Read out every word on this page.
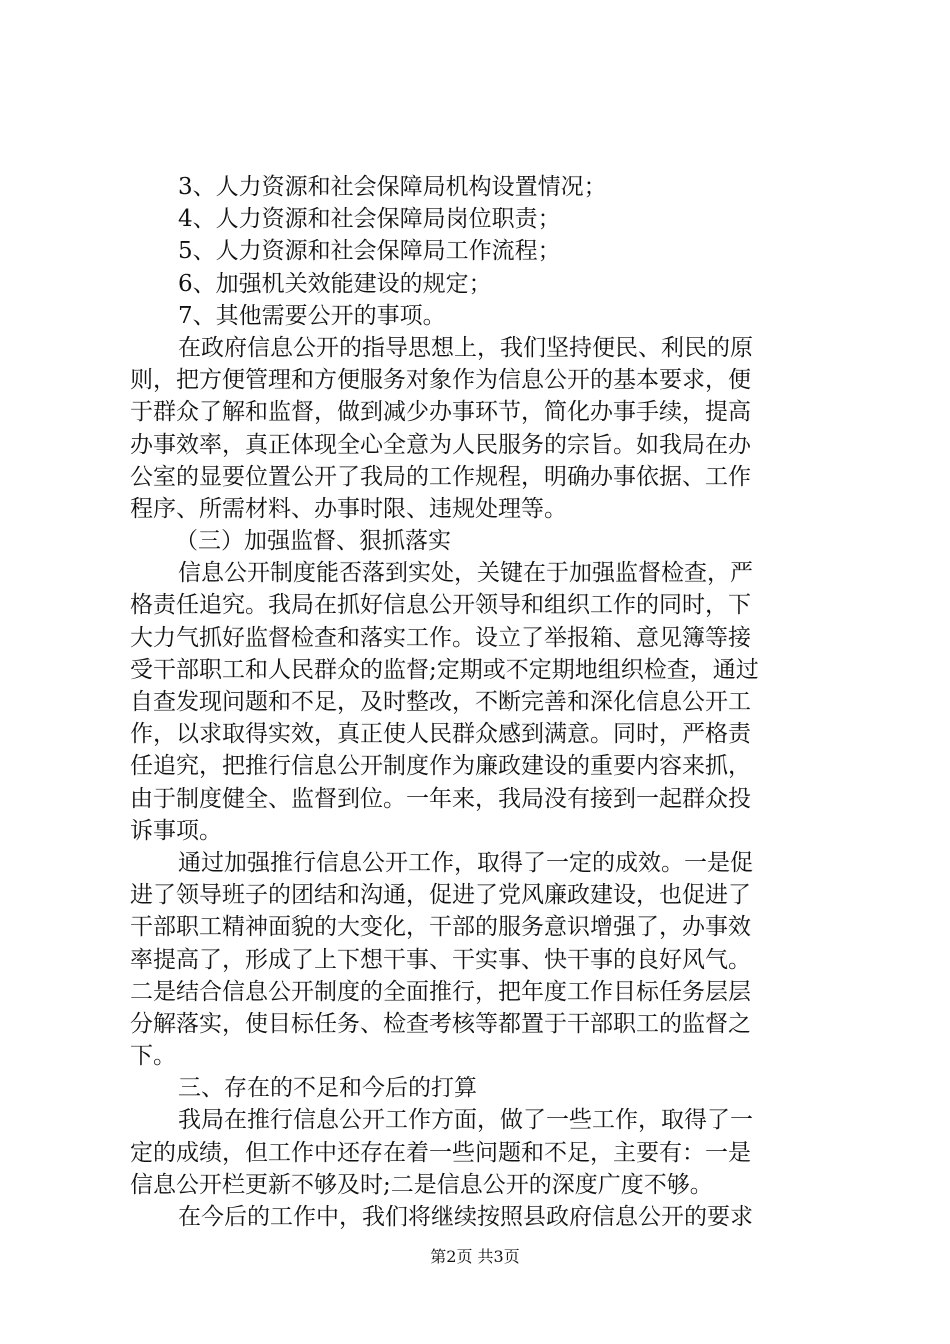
3、人力资源和社会保障局机构设置情况；
4、人力资源和社会保障局岗位职责；
5、人力资源和社会保障局工作流程；
6、加强机关效能建设的规定；
7、其他需要公开的事项。
在政府信息公开的指导思想上，我们坚持便民、利民的原
则，把方便管理和方便服务对象作为信息公开的基本要求，便
于群众了解和监督，做到减少办事环节，简化办事手续，提高
办事效率，真正体现全心全意为人民服务的宗旨。如我局在办
公室的显要位置公开了我局的工作规程，明确办事依据、工作
程序、所需材料、办事时限、违规处理等。
（三）加强监督、狠抓落实
信息公开制度能否落到实处，关键在于加强监督检查，严
格责任追究。我局在抓好信息公开领导和组织工作的同时，下
大力气抓好监督检查和落实工作。设立了举报箱、意见簿等接
受干部职工和人民群众的监督;定期或不定期地组织检查，通过
自查发现问题和不足，及时整改，不断完善和深化信息公开工
作，以求取得实效，真正使人民群众感到满意。同时，严格责
任追究，把推行信息公开制度作为廉政建设的重要内容来抓，
由于制度健全、监督到位。一年来，我局没有接到一起群众投
诉事项。
通过加强推行信息公开工作，取得了一定的成效。一是促
进了领导班子的团结和沟通，促进了党风廉政建设，也促进了
干部职工精神面貌的大变化，干部的服务意识增强了，办事效
率提高了，形成了上下想干事、干实事、快干事的良好风气。
二是结合信息公开制度的全面推行，把年度工作目标任务层层
分解落实，使目标任务、检查考核等都置于干部职工的监督之
下。
三、存在的不足和今后的打算
我局在推行信息公开工作方面，做了一些工作，取得了一
定的成绩，但工作中还存在着一些问题和不足，主要有：一是
信息公开栏更新不够及时;二是信息公开的深度广度不够。
在今后的工作中，我们将继续按照县政府信息公开的要求
第2页 共3页
